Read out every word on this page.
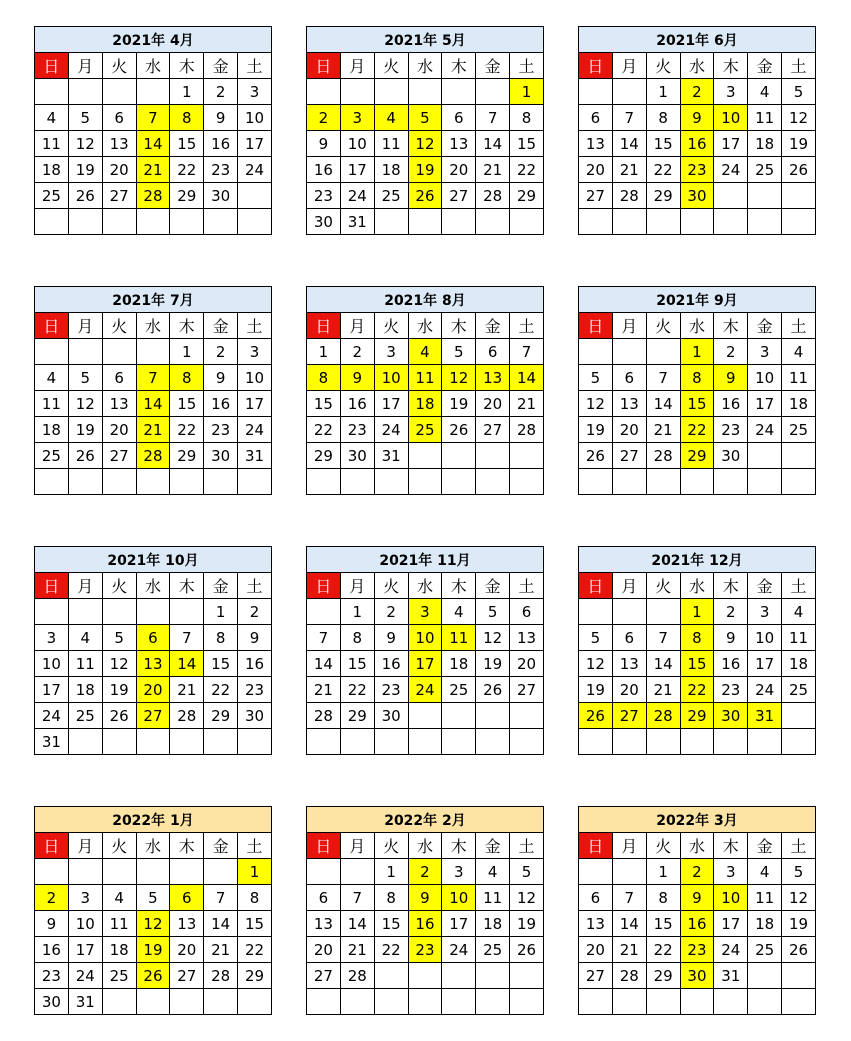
2021年 4月						
日	月	火	水	木	金	土
				1	2	3
4	5	6	7	8	9	10
11	12	13	14	15	16	17
18	19	20	21	22	23	24
25	26	27	28	29	30	

2021年 5月						
日	月	火	水	木	金	土
						1
2	3	4	5	6	7	8
9	10	11	12	13	14	15
16	17	18	19	20	21	22
23	24	25	26	27	28	29
30	31					
2021年 6月						
日	月	火	水	木	金	土
		1	2	3	4	5
6	7	8	9	10	11	12
13	14	15	16	17	18	19
20	21	22	23	24	25	26
27	28	29	30			

2021年 7月						
日	月	火	水	木	金	土
				1	2	3
4	5	6	7	8	9	10
11	12	13	14	15	16	17
18	19	20	21	22	23	24
25	26	27	28	29	30	31

2021年 8月						
日	月	火	水	木	金	土
1	2	3	4	5	6	7
8	9	10	11	12	13	14
15	16	17	18	19	20	21
22	23	24	25	26	27	28
29	30	31				

2021年 9月						
日	月	火	水	木	金	土
			1	2	3	4
5	6	7	8	9	10	11
12	13	14	15	16	17	18
19	20	21	22	23	24	25
26	27	28	29	30		

2021年 10月						
日	月	火	水	木	金	土
					1	2
3	4	5	6	7	8	9
10	11	12	13	14	15	16
17	18	19	20	21	22	23
24	25	26	27	28	29	30
31						
2021年 11月						
日	月	火	水	木	金	土
	1	2	3	4	5	6
7	8	9	10	11	12	13
14	15	16	17	18	19	20
21	22	23	24	25	26	27
28	29	30				

2021年 12月						
日	月	火	水	木	金	土
			1	2	3	4
5	6	7	8	9	10	11
12	13	14	15	16	17	18
19	20	21	22	23	24	25
26	27	28	29	30	31	

2022年 1月						
日	月	火	水	木	金	土
						1
2	3	4	5	6	7	8
9	10	11	12	13	14	15
16	17	18	19	20	21	22
23	24	25	26	27	28	29
30	31					
2022年 2月						
日	月	火	水	木	金	土
		1	2	3	4	5
6	7	8	9	10	11	12
13	14	15	16	17	18	19
20	21	22	23	24	25	26
27	28					

2022年 3月						
日	月	火	水	木	金	土
		1	2	3	4	5
6	7	8	9	10	11	12
13	14	15	16	17	18	19
20	21	22	23	24	25	26
27	28	29	30	31		
